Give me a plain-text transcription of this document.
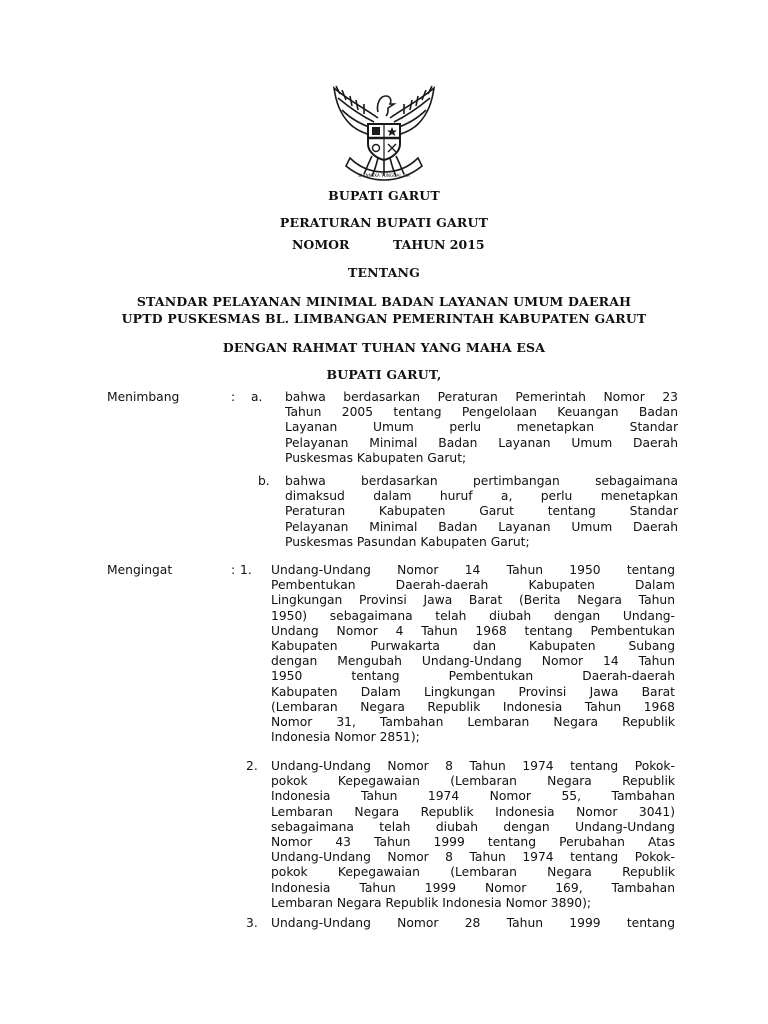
BHINNEKA TUNGGAL IKA
BUPATI GARUT
PERATURAN BUPATI GARUT
NOMOR	TAHUN 2015
TENTANG
STANDAR PELAYANAN MINIMAL BADAN LAYANAN UMUM DAERAH
UPTD PUSKESMAS BL. LIMBANGAN PEMERINTAH KABUPATEN GARUT
DENGAN RAHMAT TUHAN YANG MAHA ESA
BUPATI GARUT,
Menimbang	: a. bahwa berdasarkan Peraturan Pemerintah Nomor 23
Tahun 2005 tentang Pengelolaan Keuangan Badan
Layanan Umum perlu menetapkan Standar
Pelayanan Minimal Badan Layanan Umum Daerah
Puskesmas Kabupaten Garut;
b. bahwa berdasarkan pertimbangan sebagaimana
dimaksud dalam huruf a, perlu menetapkan
Peraturan Kabupaten Garut tentang Standar
Pelayanan Minimal Badan Layanan Umum Daerah
Puskesmas Pasundan Kabupaten Garut;
Mengingat	: 1. Undang-Undang Nomor 14 Tahun 1950 tentang
Pembentukan Daerah-daerah Kabupaten Dalam
Lingkungan Provinsi Jawa Barat (Berita Negara Tahun
1950) sebagaimana telah diubah dengan Undang-
Undang Nomor 4 Tahun 1968 tentang Pembentukan
Kabupaten Purwakarta dan Kabupaten Subang
dengan Mengubah Undang-Undang Nomor 14 Tahun
1950 tentang Pembentukan Daerah-daerah
Kabupaten Dalam Lingkungan Provinsi Jawa Barat
(Lembaran Negara Republik Indonesia Tahun 1968
Nomor 31, Tambahan Lembaran Negara Republik
Indonesia Nomor 2851);
2. Undang-Undang Nomor 8 Tahun 1974 tentang Pokok-
pokok Kepegawaian (Lembaran Negara Republik
Indonesia Tahun 1974 Nomor 55, Tambahan
Lembaran Negara Republik Indonesia Nomor 3041)
sebagaimana telah diubah dengan Undang-Undang
Nomor 43 Tahun 1999 tentang Perubahan Atas
Undang-Undang Nomor 8 Tahun 1974 tentang Pokok-
pokok Kepegawaian (Lembaran Negara Republik
Indonesia Tahun 1999 Nomor 169, Tambahan
Lembaran Negara Republik Indonesia Nomor 3890);
3. Undang-Undang Nomor 28 Tahun 1999 tentang
